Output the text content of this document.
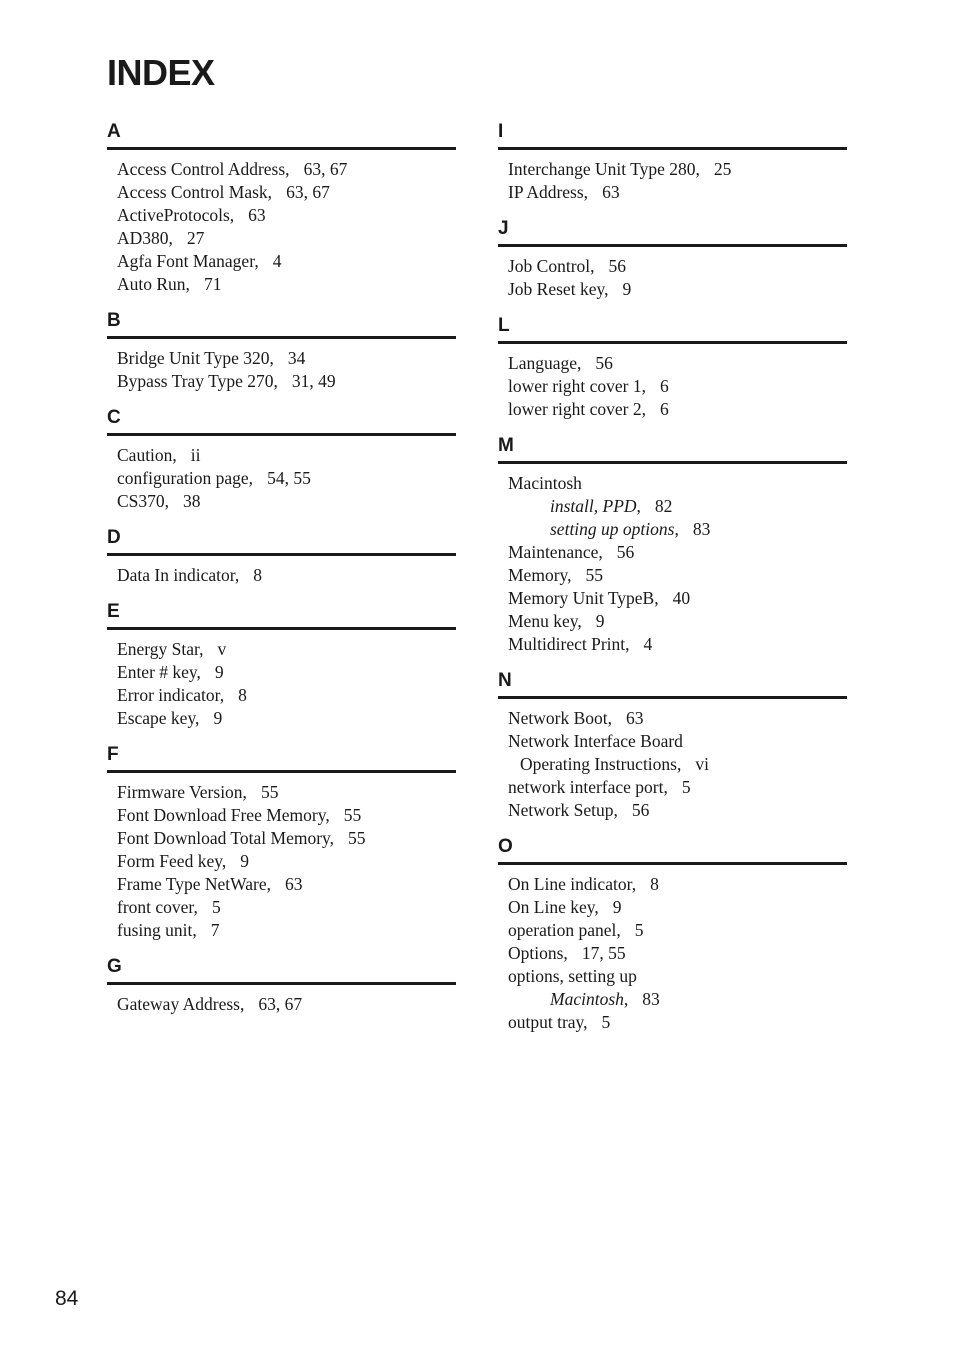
INDEX
A
Access Control Address, 63, 67
Access Control Mask, 63, 67
ActiveProtocols, 63
AD380, 27
Agfa Font Manager, 4
Auto Run, 71
B
Bridge Unit Type 320, 34
Bypass Tray Type 270, 31, 49
C
Caution, ii
configuration page, 54, 55
CS370, 38
D
Data In indicator, 8
E
Energy Star, v
Enter # key, 9
Error indicator, 8
Escape key, 9
F
Firmware Version, 55
Font Download Free Memory, 55
Font Download Total Memory, 55
Form Feed key, 9
Frame Type NetWare, 63
front cover, 5
fusing unit, 7
G
Gateway Address, 63, 67
I
Interchange Unit Type 280, 25
IP Address, 63
J
Job Control, 56
Job Reset key, 9
L
Language, 56
lower right cover 1, 6
lower right cover 2, 6
M
Macintosh
install, PPD, 82
setting up options, 83
Maintenance, 56
Memory, 55
Memory Unit TypeB, 40
Menu key, 9
Multidirect Print, 4
N
Network Boot, 63
Network Interface Board
Operating Instructions, vi
network interface port, 5
Network Setup, 56
O
On Line indicator, 8
On Line key, 9
operation panel, 5
Options, 17, 55
options, setting up
Macintosh, 83
output tray, 5
84
